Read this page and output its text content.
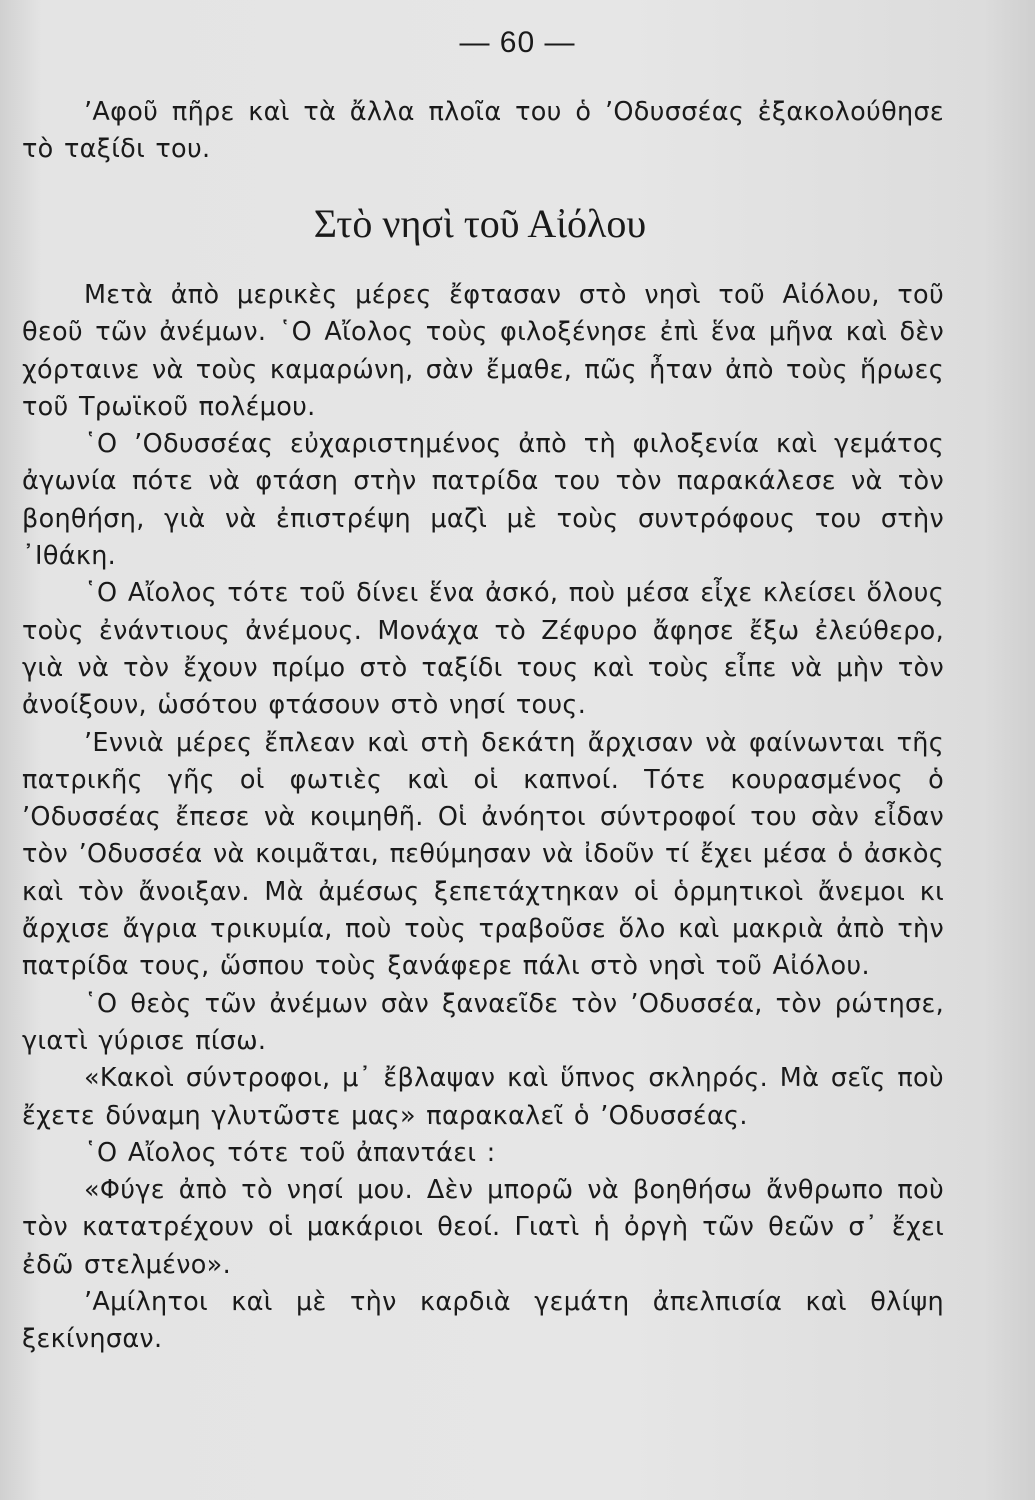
— 60 —

’Αφοῦ πῆρε καὶ τὰ ἄλλα πλοῖα του ὁ ’Οδυσσέας ἐξακολούθησε τὸ ταξίδι του.

Στὸ νησὶ τοῦ Αἰόλου

Μετὰ ἀπὸ μερικὲς μέρες ἔφτασαν στὸ νησὶ τοῦ Αἰόλου, τοῦ θεοῦ τῶν ἀνέμων. ῾Ο Αἴολος τοὺς φιλοξένησε ἐπὶ ἕνα μῆνα καὶ δὲν χόρταινε νὰ τοὺς καμαρώνη, σὰν ἔμαθε, πῶς ἦταν ἀπὸ τοὺς ἥρωες τοῦ Τρωϊκοῦ πολέμου.

῾Ο ’Οδυσσέας εὐχαριστημένος ἀπὸ τὴ φιλοξενία καὶ γεμάτος ἀγωνία πότε νὰ φτάση στὴν πατρίδα του τὸν παρακάλεσε νὰ τὸν βοηθήση, γιὰ νὰ ἐπιστρέψη μαζὶ μὲ τοὺς συντρόφους του στὴν ᾿Ιθάκη.

῾Ο Αἴολος τότε τοῦ δίνει ἕνα ἀσκό, ποὺ μέσα εἶχε κλείσει ὅλους τοὺς ἐνάντιους ἀνέμους. Μονάχα τὸ Ζέφυρο ἄφησε ἔξω ἐλεύθερο, γιὰ νὰ τὸν ἔχουν πρίμο στὸ ταξίδι τους καὶ τοὺς εἶπε νὰ μὴν τὸν ἀνοίξουν, ὡσότου φτάσουν στὸ νησί τους.

’Εννιὰ μέρες ἔπλεαν καὶ στὴ δεκάτη ἄρχισαν νὰ φαίνωνται τῆς πατρικῆς γῆς οἱ φωτιὲς καὶ οἱ καπνοί. Τότε κουρασμένος ὁ ’Οδυσσέας ἔπεσε νὰ κοιμηθῆ. Οἱ ἀνόητοι σύντροφοί του σὰν εἶδαν τὸν ’Οδυσσέα νὰ κοιμᾶται, πεθύμησαν νὰ ἰδοῦν τί ἔχει μέσα ὁ ἀσκὸς καὶ τὸν ἄνοιξαν. Μὰ ἀμέσως ξεπετάχτηκαν οἱ ὁρμητικοὶ ἄνεμοι κι ἄρχισε ἄγρια τρικυμία, ποὺ τοὺς τραβοῦσε ὅλο καὶ μακριὰ ἀπὸ τὴν πατρίδα τους, ὥσπου τοὺς ξανάφερε πάλι στὸ νησὶ τοῦ Αἰόλου.

῾Ο θεὸς τῶν ἀνέμων σὰν ξαναεῖδε τὸν ’Οδυσσέα, τὸν ρώτησε, γιατὶ γύρισε πίσω.

«Κακοὶ σύντροφοι, μ᾿ ἔβλαψαν καὶ ὕπνος σκληρός. Μὰ σεῖς ποὺ ἔχετε δύναμη γλυτῶστε μας» παρακαλεῖ ὁ ’Οδυσσέας.

῾Ο Αἴολος τότε τοῦ ἀπαντάει :

«Φύγε ἀπὸ τὸ νησί μου. Δὲν μπορῶ νὰ βοηθήσω ἄνθρωπο ποὺ τὸν κατατρέχουν οἱ μακάριοι θεοί. Γιατὶ ἡ ὀργὴ τῶν θεῶν σ᾿ ἔχει ἐδῶ στελμένο».

’Αμίλητοι καὶ μὲ τὴν καρδιὰ γεμάτη ἀπελπισία καὶ θλίψη ξεκίνησαν.
